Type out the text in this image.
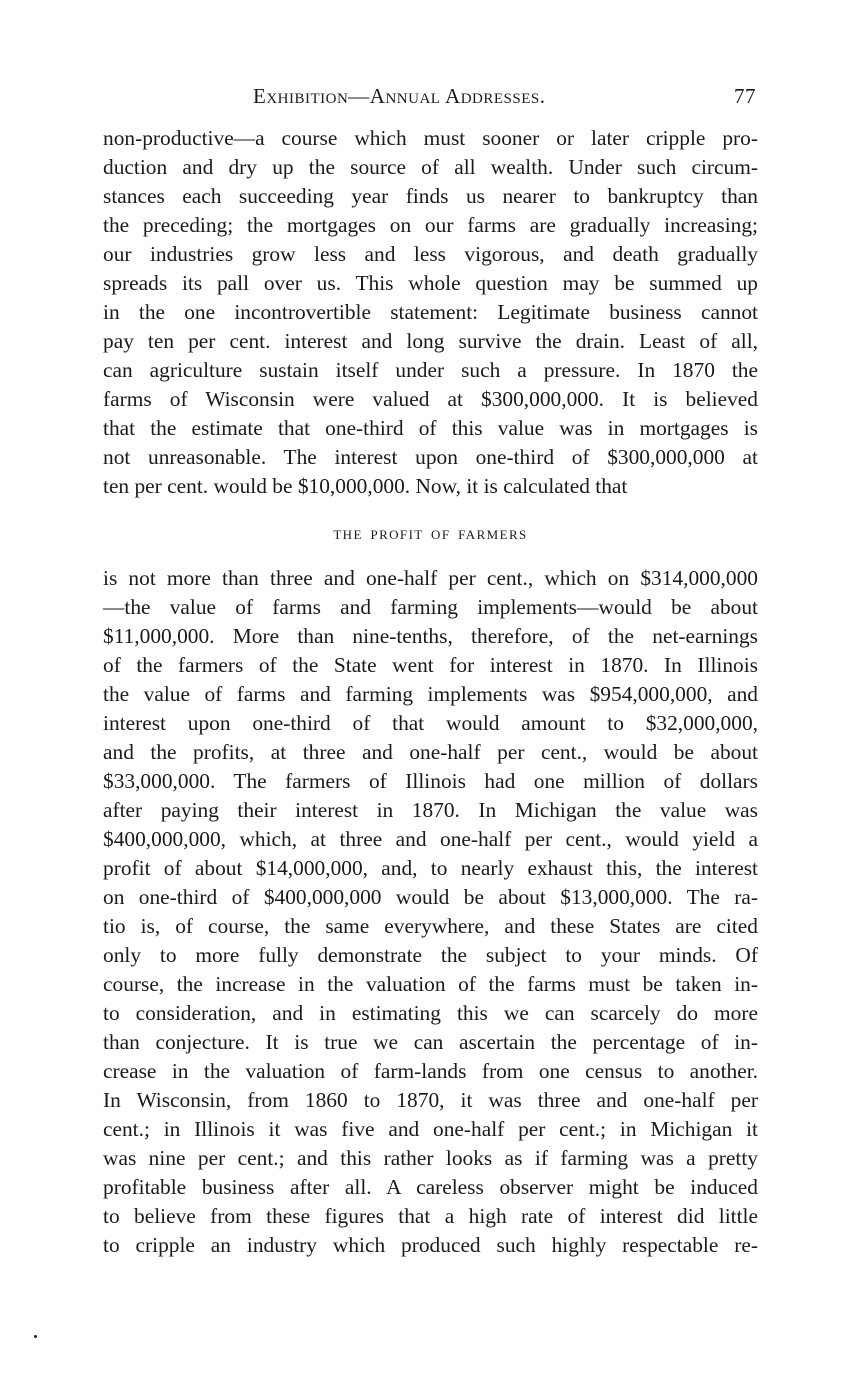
Exhibition—Annual Addresses.	77
non-productive—a course which must sooner or later cripple pro-
duction and dry up the source of all wealth. Under such circum-
stances each succeeding year finds us nearer to bankruptcy than
the preceding; the mortgages on our farms are gradually increasing;
our industries grow less and less vigorous, and death gradually
spreads its pall over us. This whole question may be summed up
in the one incontrovertible statement: Legitimate business cannot
pay ten per cent. interest and long survive the drain. Least of all,
can agriculture sustain itself under such a pressure. In 1870 the
farms of Wisconsin were valued at $300,000,000. It is believed
that the estimate that one-third of this value was in mortgages is
not unreasonable. The interest upon one-third of $300,000,000 at
ten per cent. would be $10,000,000. Now, it is calculated that
THE PROFIT OF FARMERS
is not more than three and one-half per cent., which on $314,000,000
—the value of farms and farming implements—would be about
$11,000,000. More than nine-tenths, therefore, of the net-earnings
of the farmers of the State went for interest in 1870. In Illinois
the value of farms and farming implements was $954,000,000, and
interest upon one-third of that would amount to $32,000,000,
and the profits, at three and one-half per cent., would be about
$33,000,000. The farmers of Illinois had one million of dollars
after paying their interest in 1870. In Michigan the value was
$400,000,000, which, at three and one-half per cent., would yield a
profit of about $14,000,000, and, to nearly exhaust this, the interest
on one-third of $400,000,000 would be about $13,000,000. The ra-
tio is, of course, the same everywhere, and these States are cited
only to more fully demonstrate the subject to your minds. Of
course, the increase in the valuation of the farms must be taken in-
to consideration, and in estimating this we can scarcely do more
than conjecture. It is true we can ascertain the percentage of in-
crease in the valuation of farm-lands from one census to another.
In Wisconsin, from 1860 to 1870, it was three and one-half per
cent.; in Illinois it was five and one-half per cent.; in Michigan it
was nine per cent.; and this rather looks as if farming was a pretty
profitable business after all. A careless observer might be induced
to believe from these figures that a high rate of interest did little
to cripple an industry which produced such highly respectable re-
